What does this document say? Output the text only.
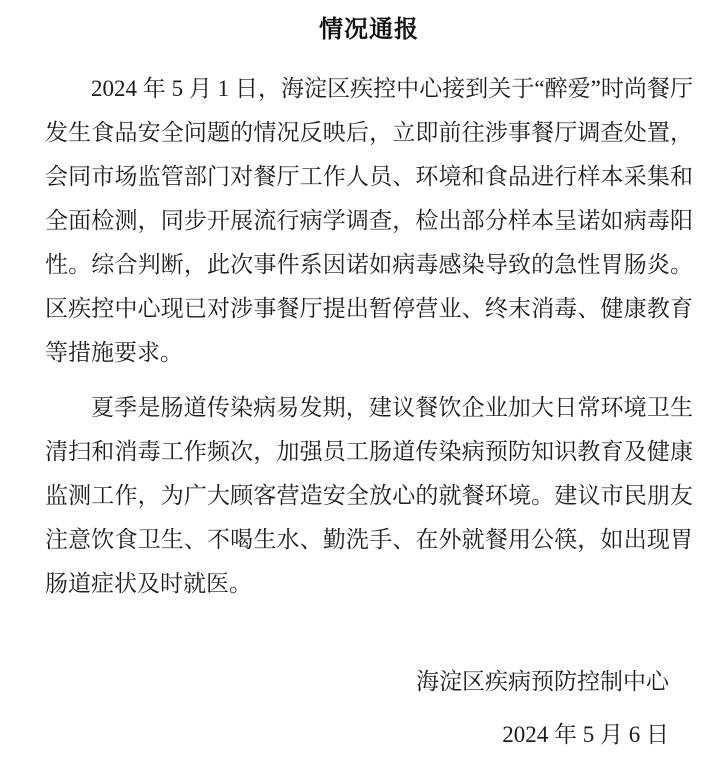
情况通报

2024 年 5 月 1 日，海淀区疾控中心接到关于“醉爱”时尚餐厅发生食品安全问题的情况反映后，立即前往涉事餐厅调查处置，会同市场监管部门对餐厅工作人员、环境和食品进行样本采集和全面检测，同步开展流行病学调查，检出部分样本呈诺如病毒阳性。综合判断，此次事件系因诺如病毒感染导致的急性胃肠炎。区疾控中心现已对涉事餐厅提出暂停营业、终末消毒、健康教育等措施要求。

夏季是肠道传染病易发期，建议餐饮企业加大日常环境卫生清扫和消毒工作频次，加强员工肠道传染病预防知识教育及健康监测工作，为广大顾客营造安全放心的就餐环境。建议市民朋友注意饮食卫生、不喝生水、勤洗手、在外就餐用公筷，如出现胃肠道症状及时就医。

海淀区疾病预防控制中心
2024 年 5 月 6 日
